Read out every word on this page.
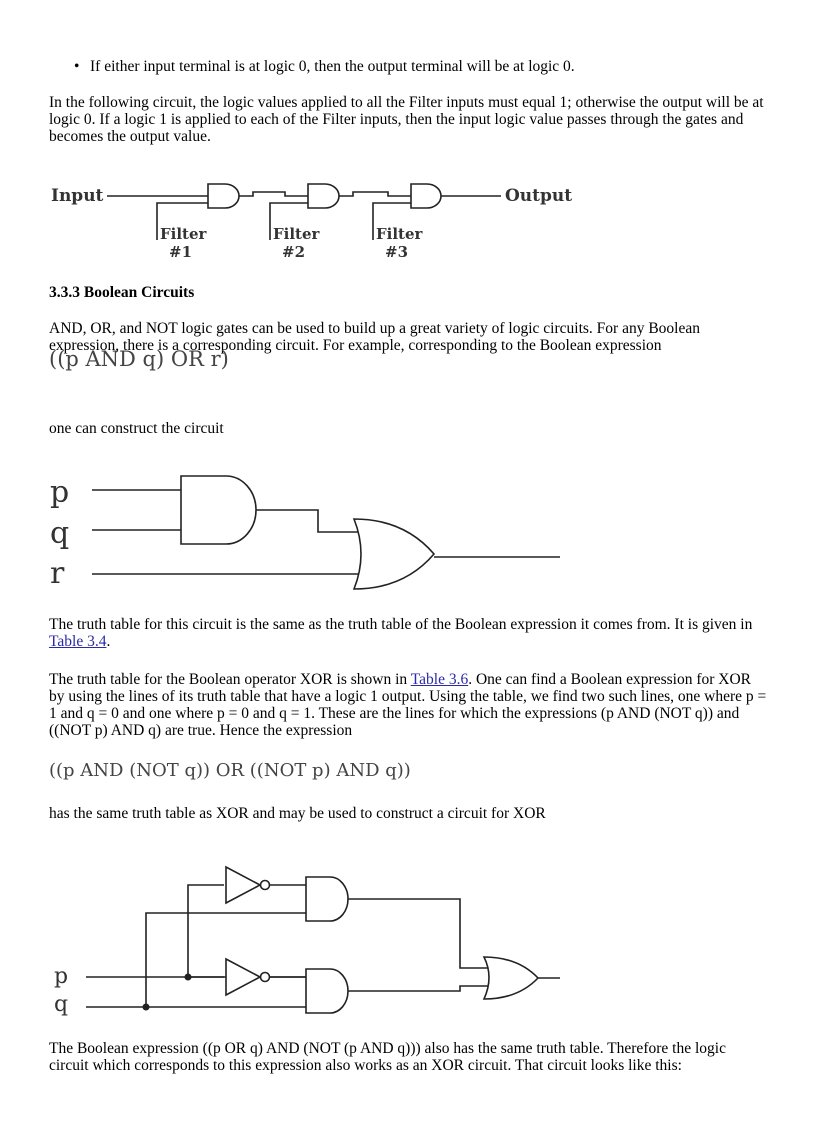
• If either input terminal is at logic 0, then the output terminal will be at logic 0.

In the following circuit, the logic values applied to all the Filter inputs must equal 1; otherwise the output will be at logic 0. If a logic 1 is applied to each of the Filter inputs, then the input logic value passes through the gates and becomes the output value.

Input	Output
Filter
#1
Filter
#2
Filter
#3
3.3.3 Boolean Circuits

AND, OR, and NOT logic gates can be used to build up a great variety of logic circuits. For any Boolean expression, there is a corresponding circuit. For example, corresponding to the Boolean expression

((p AND q) OR r)

one can construct the circuit

p
q
r

The truth table for this circuit is the same as the truth table of the Boolean expression it comes from. It is given in Table 3.4.

The truth table for the Boolean operator XOR is shown in Table 3.6. One can find a Boolean expression for XOR by using the lines of its truth table that have a logic 1 output. Using the table, we find two such lines, one where p = 1 and q = 0 and one where p = 0 and q = 1. These are the lines for which the expressions (p AND (NOT q)) and ((NOT p) AND q) are true. Hence the expression

((p AND (NOT q)) OR ((NOT p) AND q))

has the same truth table as XOR and may be used to construct a circuit for XOR

p
q

The Boolean expression ((p OR q) AND (NOT (p AND q))) also has the same truth table. Therefore the logic circuit which corresponds to this expression also works as an XOR circuit. That circuit looks like this:
